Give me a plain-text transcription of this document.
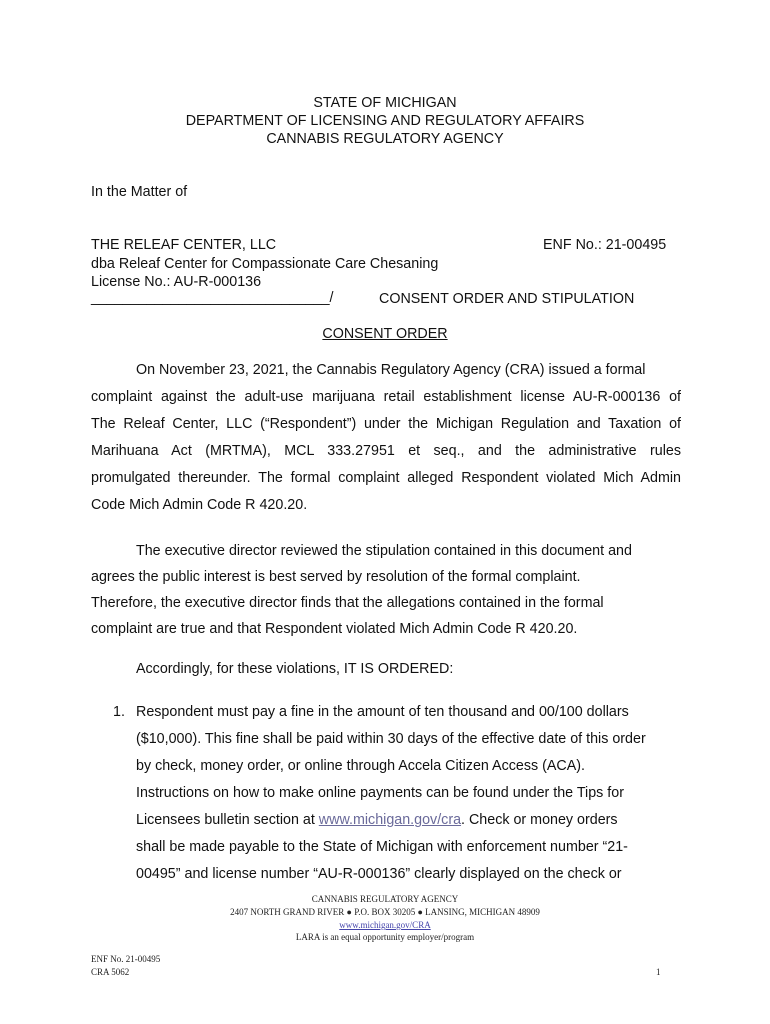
STATE OF MICHIGAN
DEPARTMENT OF LICENSING AND REGULATORY AFFAIRS
CANNABIS REGULATORY AGENCY
In the Matter of
THE RELEAF CENTER, LLC	ENF No.: 21-00495
dba Releaf Center for Compassionate Care Chesaning
License No.: AU-R-000136
______________________________/	CONSENT ORDER AND STIPULATION
CONSENT ORDER
On November 23, 2021, the Cannabis Regulatory Agency (CRA) issued a formal
complaint against the adult-use marijuana retail establishment license AU-R-000136 of
The Releaf Center, LLC (“Respondent”) under the Michigan Regulation and Taxation of
Marihuana Act (MRTMA), MCL 333.27951 et seq., and the administrative rules
promulgated thereunder. The formal complaint alleged Respondent violated Mich Admin
Code Mich Admin Code R 420.20.
The executive director reviewed the stipulation contained in this document and
agrees the public interest is best served by resolution of the formal complaint.
Therefore, the executive director finds that the allegations contained in the formal
complaint are true and that Respondent violated Mich Admin Code R 420.20.
Accordingly, for these violations, IT IS ORDERED:
1. Respondent must pay a fine in the amount of ten thousand and 00/100 dollars
($10,000). This fine shall be paid within 30 days of the effective date of this order
by check, money order, or online through Accela Citizen Access (ACA).
Instructions on how to make online payments can be found under the Tips for
Licensees bulletin section at www.michigan.gov/cra. Check or money orders
shall be made payable to the State of Michigan with enforcement number “21-
00495” and license number “AU-R-000136” clearly displayed on the check or
CANNABIS REGULATORY AGENCY
2407 NORTH GRAND RIVER ● P.O. BOX 30205 ● LANSING, MICHIGAN 48909
www.michigan.gov/CRA
LARA is an equal opportunity employer/program
ENF No. 21-00495
CRA 5062	1
